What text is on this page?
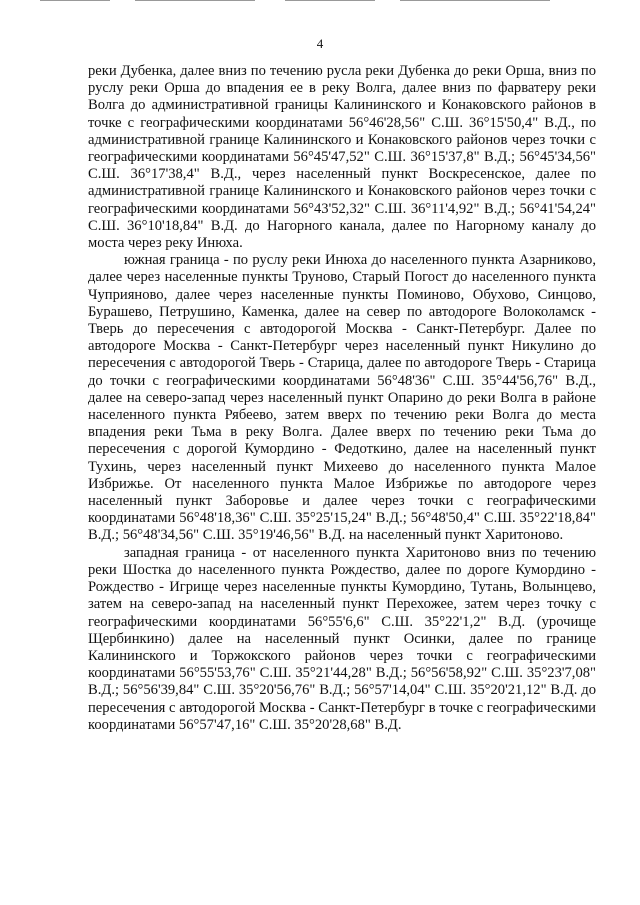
4

реки Дубенка, далее вниз по течению русла реки Дубенка до реки Орша, вниз по руслу реки Орша до впадения ее в реку Волга, далее вниз по фарватеру реки Волга до административной границы Калининского и Конаковского районов в точке с географическими координатами 56°46'28,56" С.Ш. 36°15'50,4" В.Д., по административной границе Калининского и Конаковского районов через точки с географическими координатами 56°45'47,52" С.Ш. 36°15'37,8" В.Д.; 56°45'34,56" С.Ш. 36°17'38,4" В.Д., через населенный пункт Воскресенское, далее по административной границе Калининского и Конаковского районов через точки с географическими координатами 56°43'52,32" С.Ш. 36°11'4,92" В.Д.; 56°41'54,24" С.Ш. 36°10'18,84" В.Д. до Нагорного канала, далее по Нагорному каналу до моста через реку Инюха.

южная граница - по руслу реки Инюха до населенного пункта Азарниково, далее через населенные пункты Труново, Старый Погост до населенного пункта Чуприяново, далее через населенные пункты Поминово, Обухово, Синцово, Бурашево, Петрушино, Каменка, далее на север по автодороге Волоколамск - Тверь до пересечения с автодорогой Москва - Санкт-Петербург. Далее по автодороге Москва - Санкт-Петербург через населенный пункт Никулино до пересечения с автодорогой Тверь - Старица, далее по автодороге Тверь - Старица до точки с географическими координатами 56°48'36" С.Ш. 35°44'56,76" В.Д., далее на северо-запад через населенный пункт Опарино до реки Волга в районе населенного пункта Рябеево, затем вверх по течению реки Волга до места впадения реки Тьма в реку Волга. Далее вверх по течению реки Тьма до пересечения с дорогой Кумордино - Федоткино, далее на населенный пункт Тухинь, через населенный пункт Михеево до населенного пункта Малое Избрижье. От населенного пункта Малое Избрижье по автодороге через населенный пункт Заборовье и далее через точки с географическими координатами 56°48'18,36" С.Ш. 35°25'15,24" В.Д.; 56°48'50,4" С.Ш. 35°22'18,84" В.Д.; 56°48'34,56" С.Ш. 35°19'46,56" В.Д. на населенный пункт Харитоново.

западная граница - от населенного пункта Харитоново вниз по течению реки Шостка до населенного пункта Рождество, далее по дороге Кумордино - Рождество - Игрище через населенные пункты Кумордино, Тутань, Волынцево, затем на северо-запад на населенный пункт Перехожее, затем через точку с географическими координатами 56°55'6,6" С.Ш. 35°22'1,2" В.Д. (урочище Щербинкино) далее на населенный пункт Осинки, далее по границе Калининского и Торжокского районов через точки с географическими координатами 56°55'53,76" С.Ш. 35°21'44,28" В.Д.; 56°56'58,92" С.Ш. 35°23'7,08" В.Д.; 56°56'39,84" С.Ш. 35°20'56,76" В.Д.; 56°57'14,04" С.Ш. 35°20'21,12" В.Д. до пересечения с автодорогой Москва - Санкт-Петербург в точке с географическими координатами 56°57'47,16" С.Ш. 35°20'28,68" В.Д.
